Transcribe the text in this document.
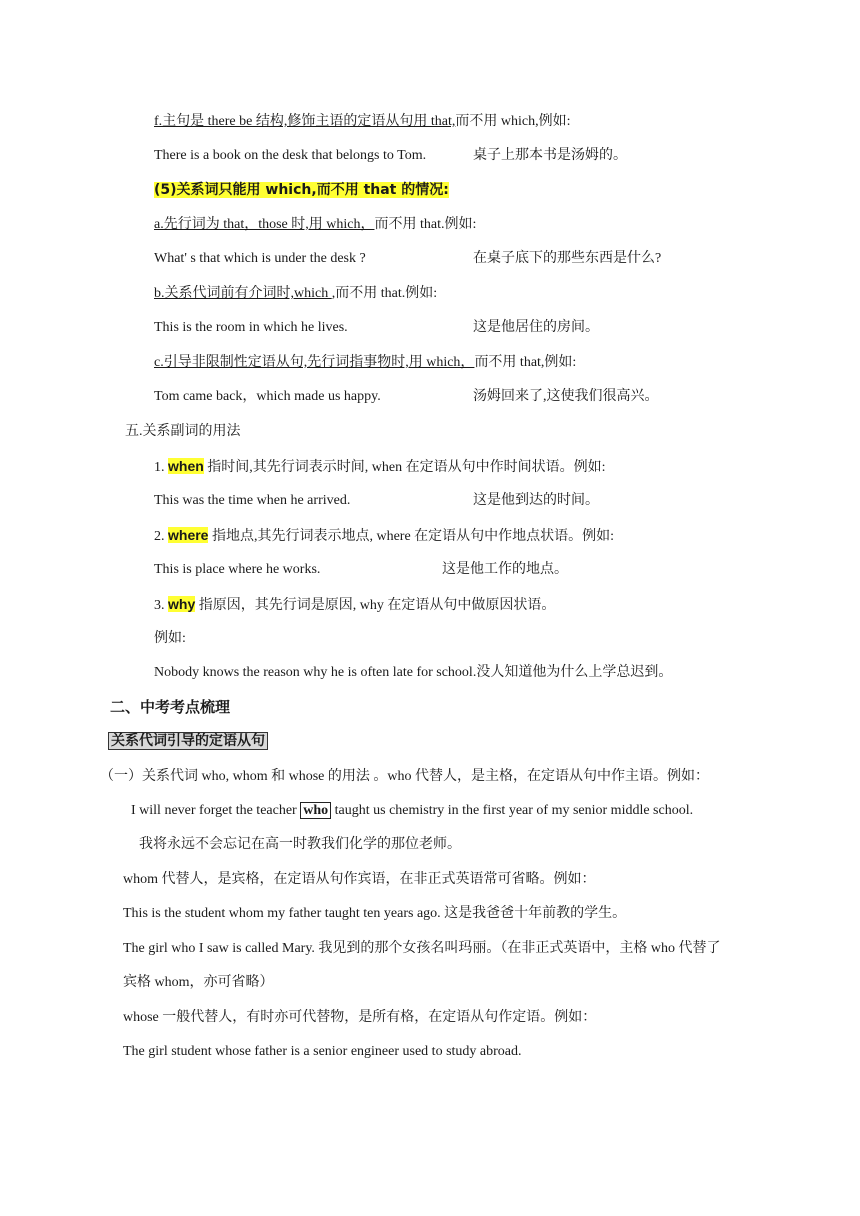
f.主句是 there be 结构,修饰主语的定语从句用 that,而不用 which,例如:
There is a book on the desk that belongs to Tom.	桌子上那本书是汤姆的。
(5)关系词只能用 which,而不用 that 的情况:
a.先行词为 that，those 时,用 which，而不用 that.例如:
What' s that which is under the desk ?	在桌子底下的那些东西是什么?
b.关系代词前有介词时,which ,而不用 that.例如:
This is the room in which he lives.	这是他居住的房间。
c.引导非限制性定语从句,先行词指事物时,用 which，而不用 that,例如:
Tom came back，which made us happy.	汤姆回来了,这使我们很高兴。
五.关系副词的用法
1. when 指时间,其先行词表示时间, when 在定语从句中作时间状语。例如:
This was the time when he arrived.	这是他到达的时间。
2. where 指地点,其先行词表示地点, where 在定语从句中作地点状语。例如:
This is place where he works.	这是他工作的地点。
3. why 指原因，其先行词是原因, why 在定语从句中做原因状语。
例如:
Nobody knows the reason why he is often late for school.没人知道他为什么上学总迟到。
二、中考考点梳理
关系代词引导的定语从句
（一）关系代词 who, whom 和 whose 的用法 。who 代替人，是主格，在定语从句中作主语。例如：
I will never forget the teacher who taught us chemistry in the first year of my senior middle school.
我将永远不会忘记在高一时教我们化学的那位老师。
whom 代替人，是宾格，在定语从句作宾语，在非正式英语常可省略。例如：
This is the student whom my father taught ten years ago. 这是我爸爸十年前教的学生。
The girl who I saw is called Mary. 我见到的那个女孩名叫玛丽。（在非正式英语中，主格 who 代替了
宾格 whom，亦可省略）
whose 一般代替人，有时亦可代替物，是所有格，在定语从句作定语。例如：
The girl student whose father is a senior engineer used to study abroad.
